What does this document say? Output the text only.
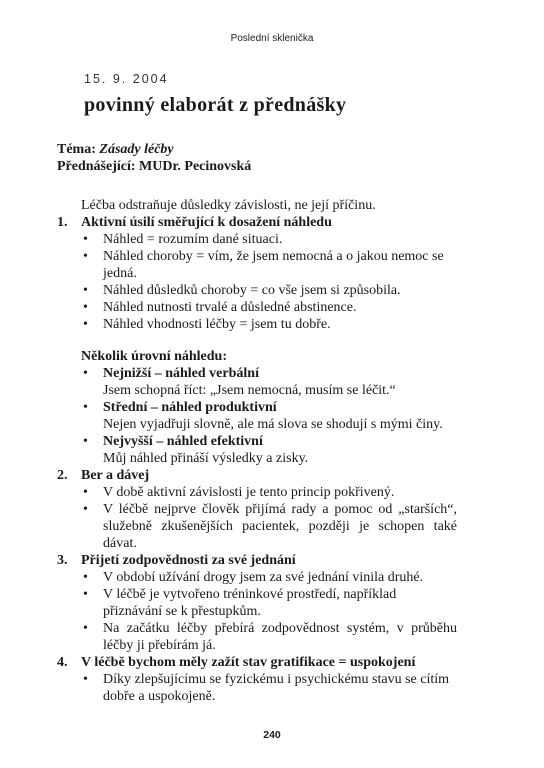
Poslední sklenička
15. 9. 2004
povinný elaborát z přednášky
Téma: Zásady léčby
Přednášející: MUDr. Pecinovská
Léčba odstraňuje důsledky závislosti, ne její příčinu.
1. Aktivní úsilí směřující k dosažení náhledu
• Náhled = rozumím dané situaci.
• Náhled choroby = vím, že jsem nemocná a o jakou nemoc se jedná.
• Náhled důsledků choroby = co vše jsem si způsobila.
• Náhled nutnosti trvalé a důsledné abstinence.
• Náhled vhodnosti léčby = jsem tu dobře.
Několik úrovní náhledu:
• Nejnižší – náhled verbální
Jsem schopná říct: „Jsem nemocná, musím se léčit.“
• Střední – náhled produktivní
Nejen vyjadřuji slovně, ale má slova se shodují s mými činy.
• Nejvyšší – náhled efektivní
Můj náhled přináší výsledky a zisky.
2. Ber a dávej
• V době aktivní závislosti je tento princip pokřivený.
• V léčbě nejprve člověk přijímá rady a pomoc od „starších“, služebně zkušenějších pacientek, později je schopen také dávat.
3. Přijetí zodpovědnosti za své jednání
• V období užívání drogy jsem za své jednání vinila druhé.
• V léčbě je vytvořeno tréninkové prostředí, například přiznávání se k přestupkům.
• Na začátku léčby přebírá zodpovědnost systém, v průběhu léčby ji přebírám já.
4. V léčbě bychom měly zažít stav gratifikace = uspokojení
• Díky zlepšujícímu se fyzickému i psychickému stavu se cítím dobře a uspokojeně.
240
